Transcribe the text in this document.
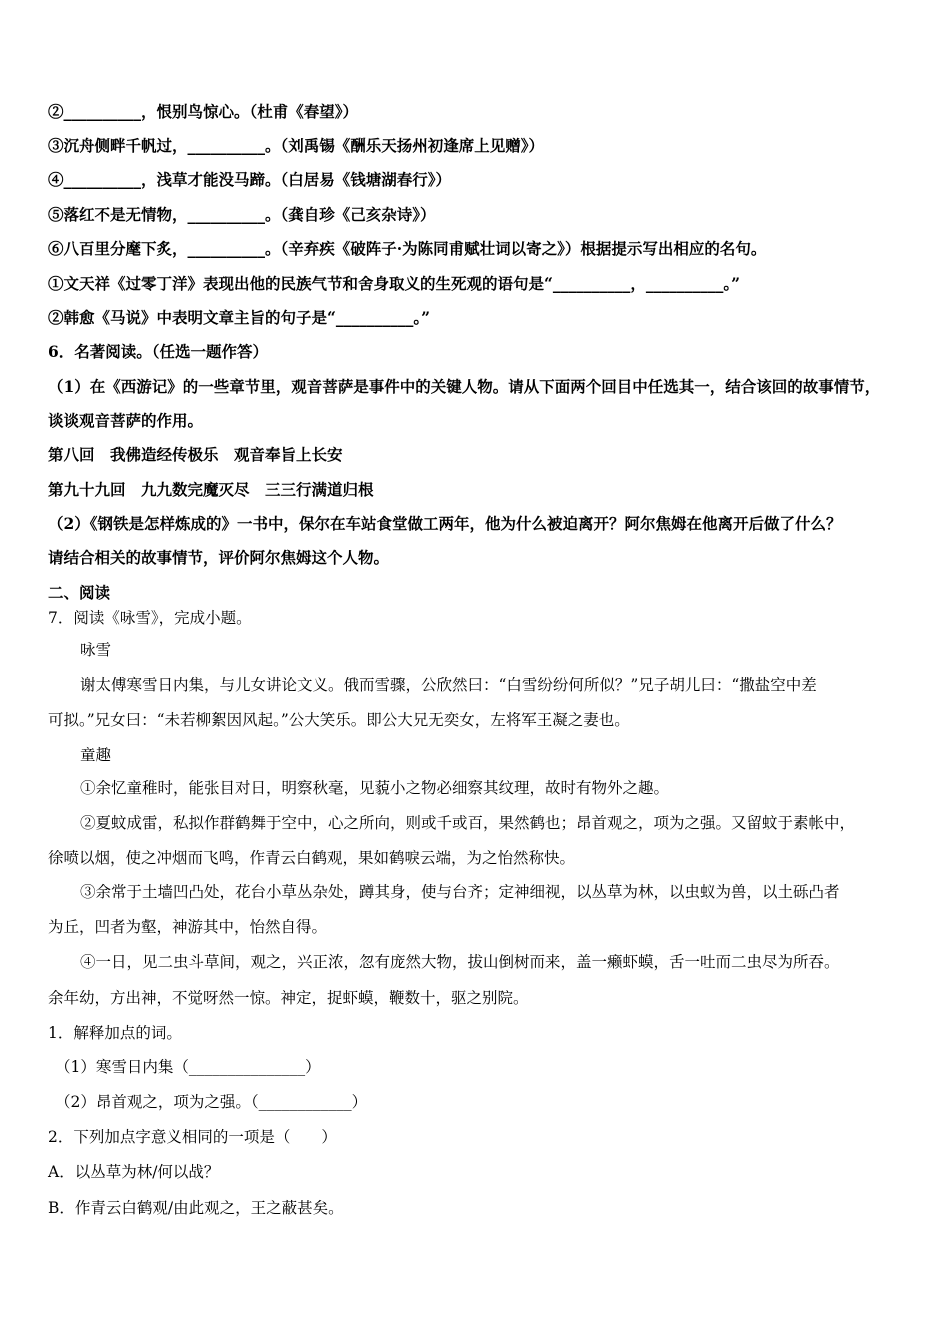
②__________，恨别鸟惊心。（杜甫《春望》）
③沉舟侧畔千帆过，__________。（刘禹锡《酬乐天扬州初逢席上见赠》）
④__________，浅草才能没马蹄。（白居易《钱塘湖春行》）
⑤落红不是无情物，__________。（龚自珍《己亥杂诗》）
⑥八百里分麾下炙，__________。（辛弃疾《破阵子·为陈同甫赋壮词以寄之》）根据提示写出相应的名句。
①文天祥《过零丁洋》表现出他的民族气节和舍身取义的生死观的语句是“__________，__________。”
②韩愈《马说》中表明文章主旨的句子是“__________。”
6．名著阅读。（任选一题作答）
（1）在《西游记》的一些章节里，观音菩萨是事件中的关键人物。请从下面两个回目中任选其一，结合该回的故事情节，
谈谈观音菩萨的作用。
第八回　我佛造经传极乐　观音奉旨上长安
第九十九回　九九数完魔灭尽　三三行满道归根
（2）《钢铁是怎样炼成的》一书中，保尔在车站食堂做工两年，他为什么被迫离开？阿尔焦姆在他离开后做了什么？
请结合相关的故事情节，评价阿尔焦姆这个人物。
二、阅读
7．阅读《咏雪》，完成小题。
咏雪
谢太傅寒雪日内集，与儿女讲论文义。俄而雪骤，公欣然曰：“白雪纷纷何所似？”兄子胡儿曰：“撒盐空中差
可拟。”兄女曰：“未若柳絮因风起。”公大笑乐。即公大兄无奕女，左将军王凝之妻也。
童趣
①余忆童稚时，能张目对日，明察秋毫，见藐小之物必细察其纹理，故时有物外之趣。
②夏蚊成雷，私拟作群鹤舞于空中，心之所向，则或千或百，果然鹤也；昂首观之，项为之强。又留蚊于素帐中，
徐喷以烟，使之冲烟而飞鸣，作青云白鹤观，果如鹤唳云端，为之怡然称快。
③余常于土墙凹凸处，花台小草丛杂处，蹲其身，使与台齐；定神细视，以丛草为林，以虫蚁为兽，以土砾凸者
为丘，凹者为壑，神游其中，怡然自得。
④一日，见二虫斗草间，观之，兴正浓，忽有庞然大物，拔山倒树而来，盖一癞虾蟆，舌一吐而二虫尽为所吞。
余年幼，方出神，不觉呀然一惊。神定，捉虾蟆，鞭数十，驱之别院。
1．解释加点的词。
（1）寒雪日内集（_______________）
（2）昂首观之，项为之强。（____________）
2．下列加点字意义相同的一项是（　　）
A．以丛草为林/何以战？
B．作青云白鹤观/由此观之，王之蔽甚矣。
